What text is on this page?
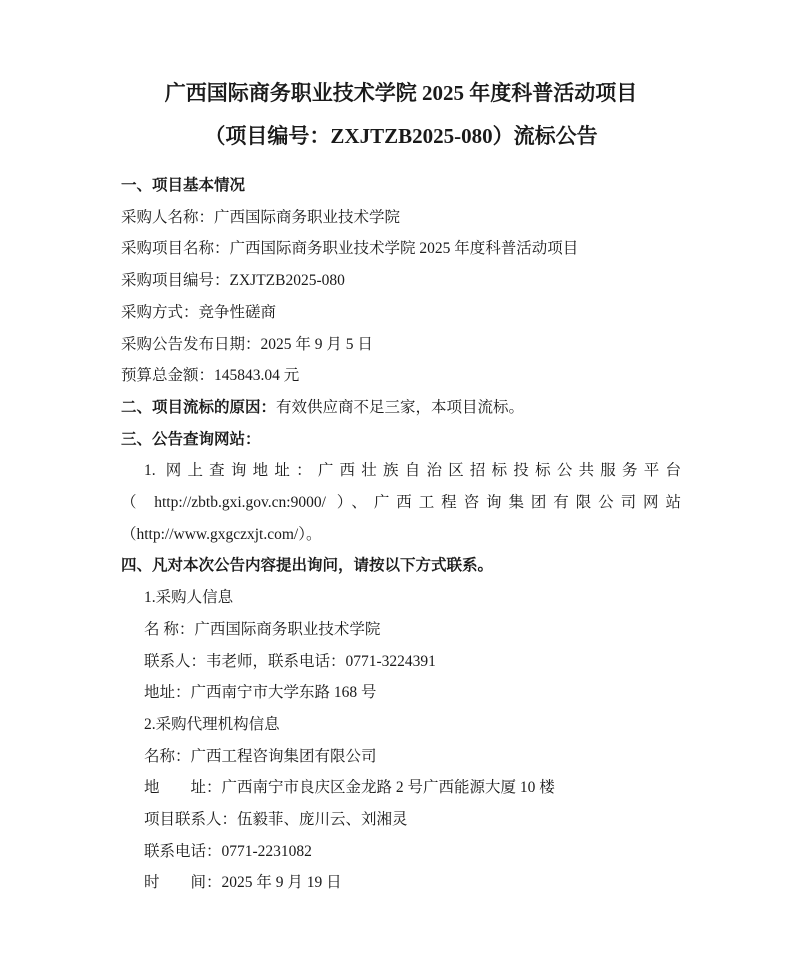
广西国际商务职业技术学院 2025 年度科普活动项目
（项目编号：ZXJTZB2025-080）流标公告

一、项目基本情况

采购人名称：广西国际商务职业技术学院

采购项目名称：广西国际商务职业技术学院 2025 年度科普活动项目

采购项目编号：ZXJTZB2025-080

采购方式：竞争性磋商

采购公告发布日期：2025 年 9 月 5 日

预算总金额：145843.04 元

二、项目流标的原因：有效供应商不足三家，本项目流标。

三、公告查询网站：

1. 网上查询地址：广西壮族自治区招标投标公共服务平台

（ http://zbtb.gxi.gov.cn:9000/ ）、广西工程咨询集团有限公司网站

（http://www.gxgczxjt.com/）。

四、凡对本次公告内容提出询问，请按以下方式联系。

1.采购人信息

名 称：广西国际商务职业技术学院

联系人：韦老师，联系电话：0771-3224391

地址：广西南宁市大学东路 168 号

2.采购代理机构信息

名称：广西工程咨询集团有限公司

地　　址：广西南宁市良庆区金龙路 2 号广西能源大厦 10 楼

项目联系人：伍毅菲、庞川云、刘湘灵

联系电话：0771-2231082

时　　间：2025 年 9 月 19 日
